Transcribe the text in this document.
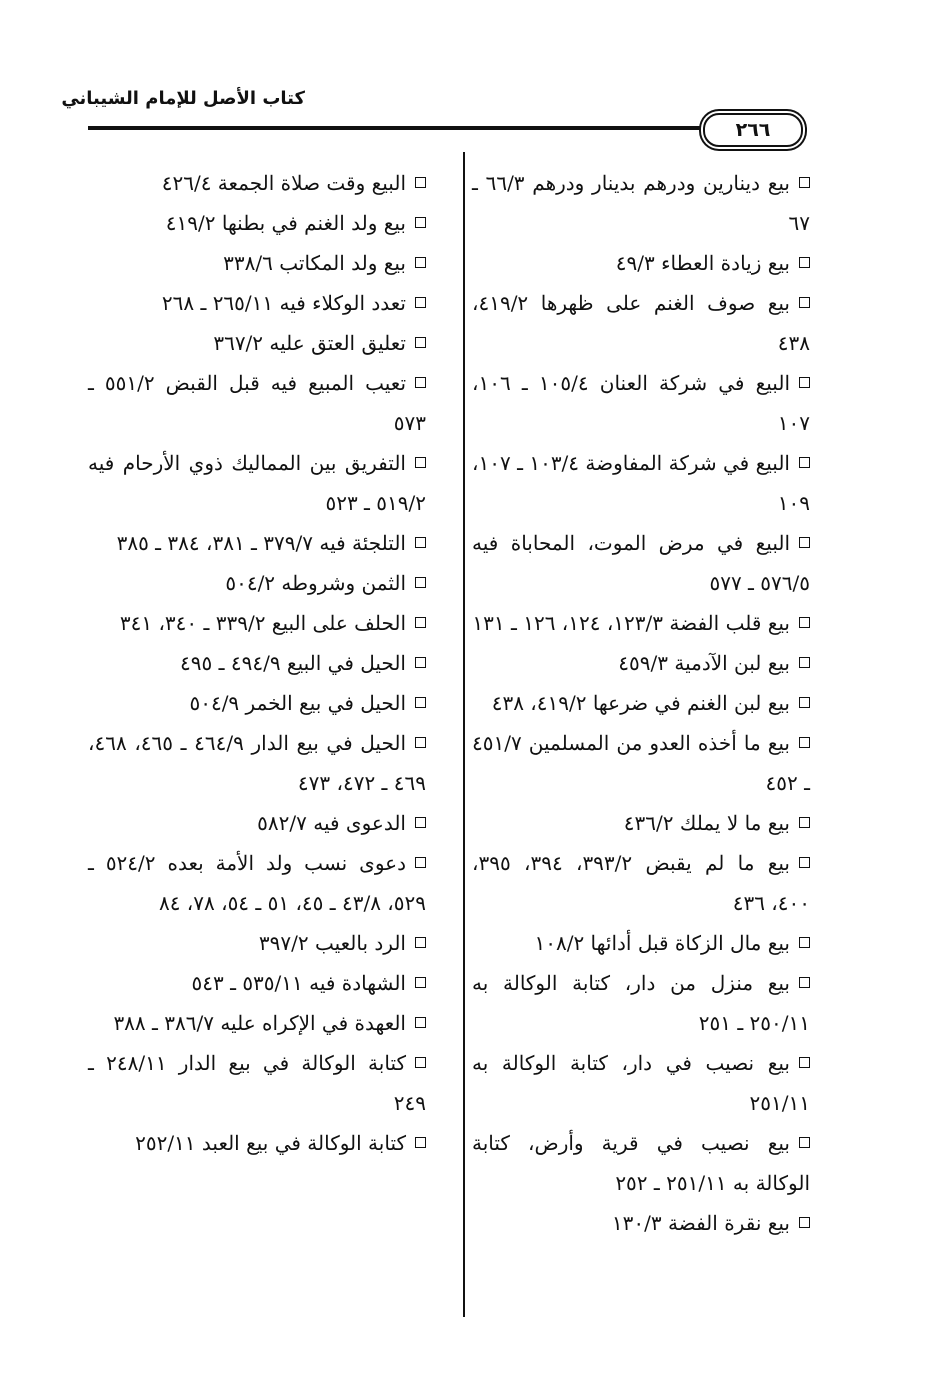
كتاب الأصل للإمام الشيباني
٢٦٦

بيع دينارين ودرهم بدينار ودرهم ٦٦/٣ ـ ٦٧

بيع زيادة العطاء ٤٩/٣

بيع صوف الغنم على ظهرها ٤١٩/٢، ٤٣٨

البيع في شركة العنان ١٠٥/٤ ـ ١٠٦، ١٠٧

البيع في شركة المفاوضة ١٠٣/٤ ـ ١٠٧، ١٠٩

البيع في مرض الموت، المحاباة فيه ٥٧٦/٥ ـ ٥٧٧

بيع قلب الفضة ١٢٣/٣، ١٢٤، ١٢٦ ـ ١٣١

بيع لبن الآدمية ٤٥٩/٣

بيع لبن الغنم في ضرعها ٤١٩/٢، ٤٣٨

بيع ما أخذه العدو من المسلمين ٤٥١/٧ ـ ٤٥٢

بيع ما لا يملك ٤٣٦/٢

بيع ما لم يقبض ٣٩٣/٢، ٣٩٤، ٣٩٥، ٤٠٠، ٤٣٦

بيع مال الزكاة قبل أدائها ١٠٨/٢

بيع منزل من دار، كتابة الوكالة به ٢٥٠/١١ ـ ٢٥١

بيع نصيب في دار، كتابة الوكالة به ٢٥١/١١

بيع نصيب في قرية وأرض، كتابة الوكالة به ٢٥١/١١ ـ ٢٥٢

بيع نقرة الفضة ١٣٠/٣

البيع وقت صلاة الجمعة ٤٢٦/٤

بيع ولد الغنم في بطنها ٤١٩/٢

بيع ولد المكاتب ٣٣٨/٦

تعدد الوكلاء فيه ٢٦٥/١١ ـ ٢٦٨

تعليق العتق عليه ٣٦٧/٢

تعيب المبيع فيه قبل القبض ٥٥١/٢ ـ ٥٧٣

التفريق بين المماليك ذوي الأرحام فيه ٥١٩/٢ ـ ٥٢٣

التلجئة فيه ٣٧٩/٧ ـ ٣٨١، ٣٨٤ ـ ٣٨٥

الثمن وشروطه ٥٠٤/٢

الحلف على البيع ٣٣٩/٢ ـ ٣٤٠، ٣٤١

الحيل في البيع ٤٩٤/٩ ـ ٤٩٥

الحيل في بيع الخمر ٥٠٤/٩

الحيل في بيع الدار ٤٦٤/٩ ـ ٤٦٥، ٤٦٨، ٤٦٩ ـ ٤٧٢، ٤٧٣

الدعوى فيه ٥٨٢/٧

دعوى نسب ولد الأمة بعده ٥٢٤/٢ ـ ٥٢٩، ٤٣/٨ ـ ٤٥، ٥١ ـ ٥٤، ٧٨، ٨٤

الرد بالعيب ٣٩٧/٢

الشهادة فيه ٥٣٥/١١ ـ ٥٤٣

العهدة في الإكراه عليه ٣٨٦/٧ ـ ٣٨٨

كتابة الوكالة في بيع الدار ٢٤٨/١١ ـ ٢٤٩

كتابة الوكالة في بيع العبد ٢٥٢/١١
